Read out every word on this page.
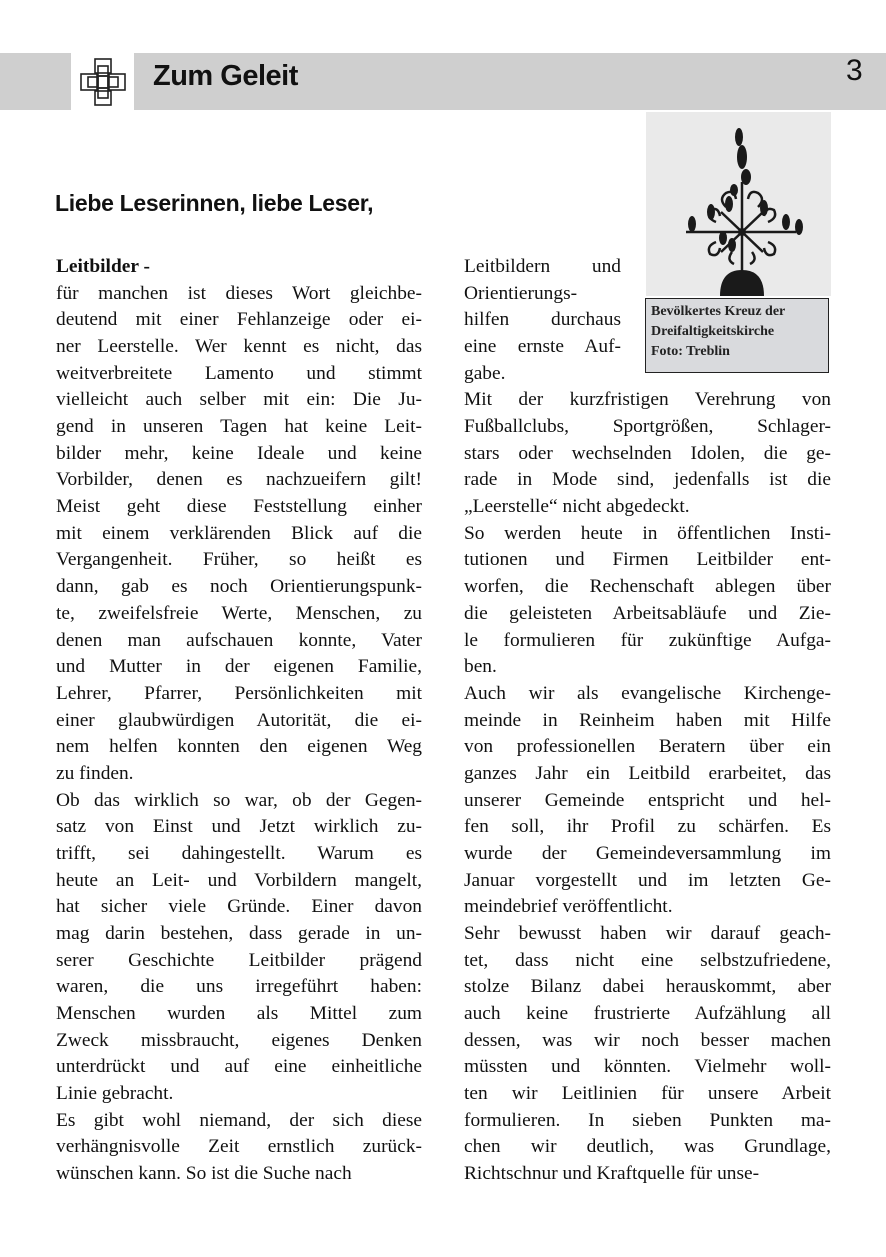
Zum Geleit	3
Bevölkertes Kreuz der
Dreifaltigkeitskirche
Foto: Treblin
Liebe Leserinnen, liebe Leser,
Leitbilder -
für manchen ist dieses Wort gleichbe-
deutend mit einer Fehlanzeige oder ei-
ner Leerstelle. Wer kennt es nicht, das
weitverbreitete Lamento und stimmt
vielleicht auch selber mit ein: Die Ju-
gend in unseren Tagen hat keine Leit-
bilder mehr, keine Ideale und keine
Vorbilder, denen es nachzueifern gilt!
Meist geht diese Feststellung einher
mit einem verklärenden Blick auf die
Vergangenheit. Früher, so heißt es
dann, gab es noch Orientierungspunk-
te, zweifelsfreie Werte, Menschen, zu
denen man aufschauen konnte, Vater
und Mutter in der eigenen Familie,
Lehrer, Pfarrer, Persönlichkeiten mit
einer glaubwürdigen Autorität, die ei-
nem helfen konnten den eigenen Weg
zu finden.
Ob das wirklich so war, ob der Gegen-
satz von Einst und Jetzt wirklich zu-
trifft, sei dahingestellt. Warum es
heute an Leit- und Vorbildern mangelt,
hat sicher viele Gründe. Einer davon
mag darin bestehen, dass gerade in un-
serer Geschichte Leitbilder prägend
waren, die uns irregeführt haben:
Menschen wurden als Mittel zum
Zweck missbraucht, eigenes Denken
unterdrückt und auf eine einheitliche
Linie gebracht.
Es gibt wohl niemand, der sich diese
verhängnisvolle Zeit ernstlich zurück-
wünschen kann. So ist die Suche nach
Leitbildern und
Orientierungs-
hilfen durchaus
eine ernste Auf-
gabe.
Mit der kurzfristigen Verehrung von
Fußballclubs, Sportgrößen, Schlager-
stars oder wechselnden Idolen, die ge-
rade in Mode sind, jedenfalls ist die
„Leerstelle“ nicht abgedeckt.
So werden heute in öffentlichen Insti-
tutionen und Firmen Leitbilder ent-
worfen, die Rechenschaft ablegen über
die geleisteten Arbeitsabläufe und Zie-
le formulieren für zukünftige Aufga-
ben.
Auch wir als evangelische Kirchenge-
meinde in Reinheim haben mit Hilfe
von professionellen Beratern über ein
ganzes Jahr ein Leitbild erarbeitet, das
unserer Gemeinde entspricht und hel-
fen soll, ihr Profil zu schärfen. Es
wurde der Gemeindeversammlung im
Januar vorgestellt und im letzten Ge-
meindebrief veröffentlicht.
Sehr bewusst haben wir darauf geach-
tet, dass nicht eine selbstzufriedene,
stolze Bilanz dabei herauskommt, aber
auch keine frustrierte Aufzählung all
dessen, was wir noch besser machen
müssten und könnten. Vielmehr woll-
ten wir Leitlinien für unsere Arbeit
formulieren. In sieben Punkten ma-
chen wir deutlich, was Grundlage,
Richtschnur und Kraftquelle für unse-
